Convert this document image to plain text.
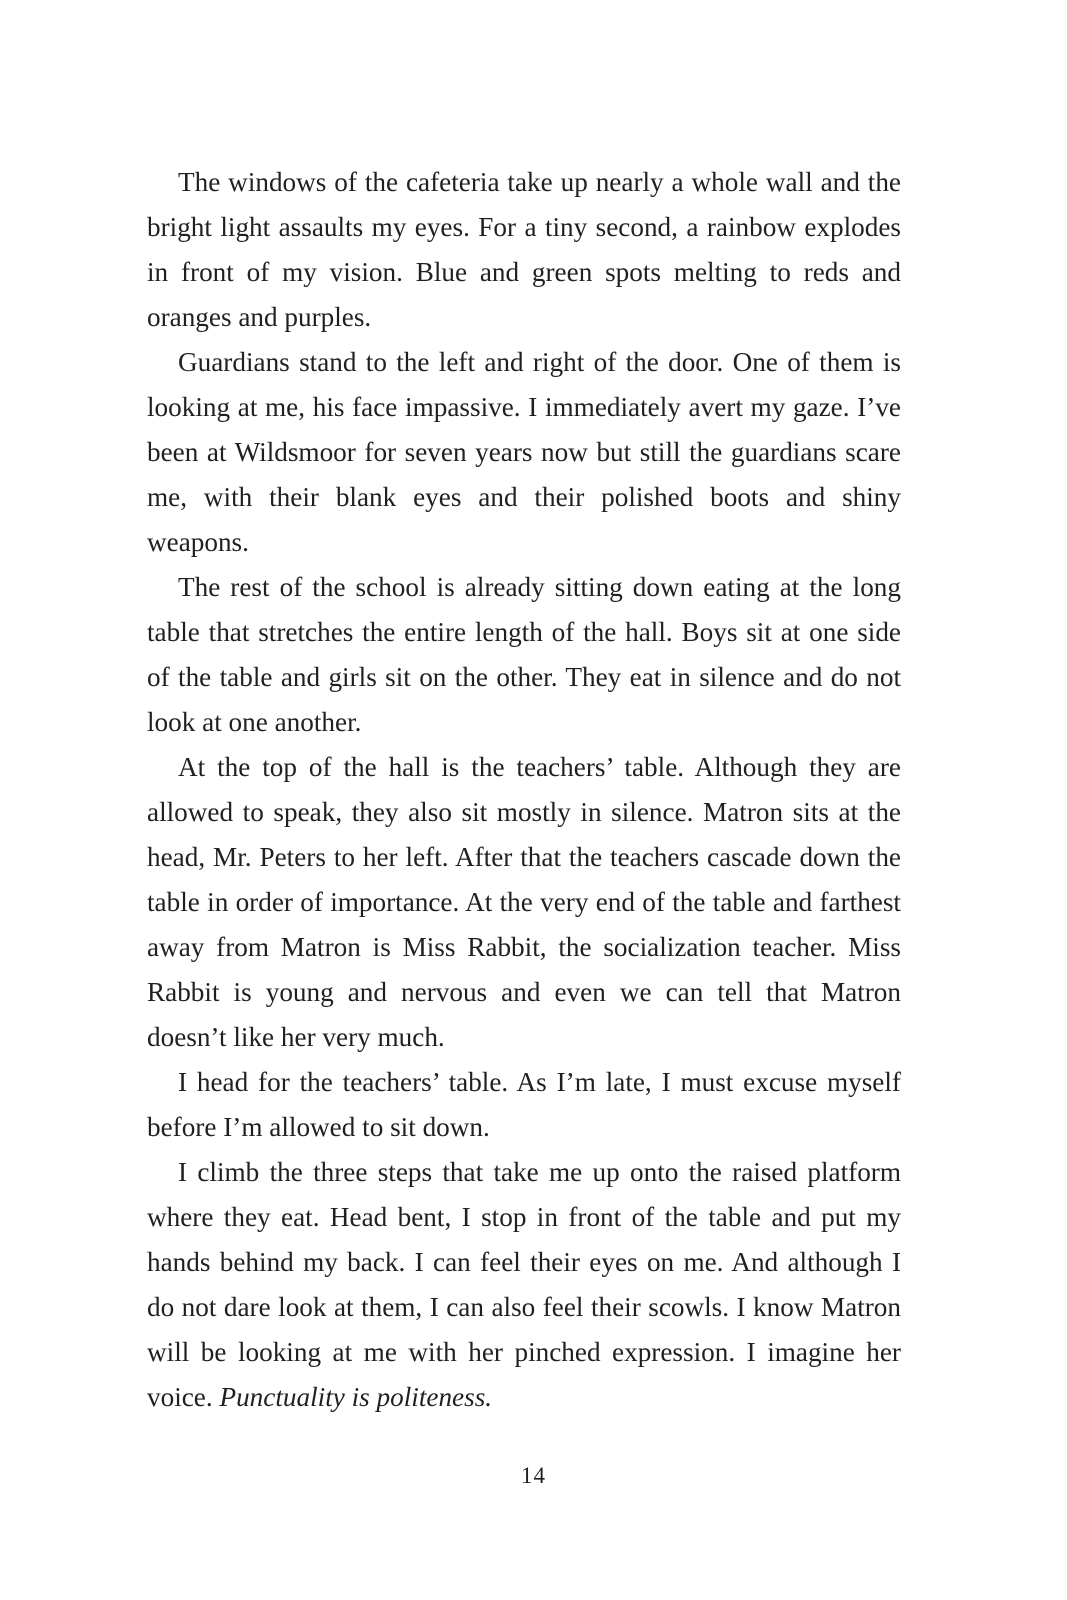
The windows of the cafeteria take up nearly a whole wall and the bright light assaults my eyes. For a tiny second, a rainbow explodes in front of my vision. Blue and green spots melting to reds and oranges and purples.

Guardians stand to the left and right of the door. One of them is looking at me, his face impassive. I immediately avert my gaze. I’ve been at Wildsmoor for seven years now but still the guardians scare me, with their blank eyes and their polished boots and shiny weapons.

The rest of the school is already sitting down eating at the long table that stretches the entire length of the hall. Boys sit at one side of the table and girls sit on the other. They eat in silence and do not look at one another.

At the top of the hall is the teachers’ table. Although they are allowed to speak, they also sit mostly in silence. Matron sits at the head, Mr. Peters to her left. After that the teachers cascade down the table in order of importance. At the very end of the table and farthest away from Matron is Miss Rabbit, the socialization teacher. Miss Rabbit is young and nervous and even we can tell that Matron doesn’t like her very much.

I head for the teachers’ table. As I’m late, I must excuse myself before I’m allowed to sit down.

I climb the three steps that take me up onto the raised platform where they eat. Head bent, I stop in front of the table and put my hands behind my back. I can feel their eyes on me. And although I do not dare look at them, I can also feel their scowls. I know Matron will be looking at me with her pinched expression. I imagine her voice. Punctuality is politeness.

14
